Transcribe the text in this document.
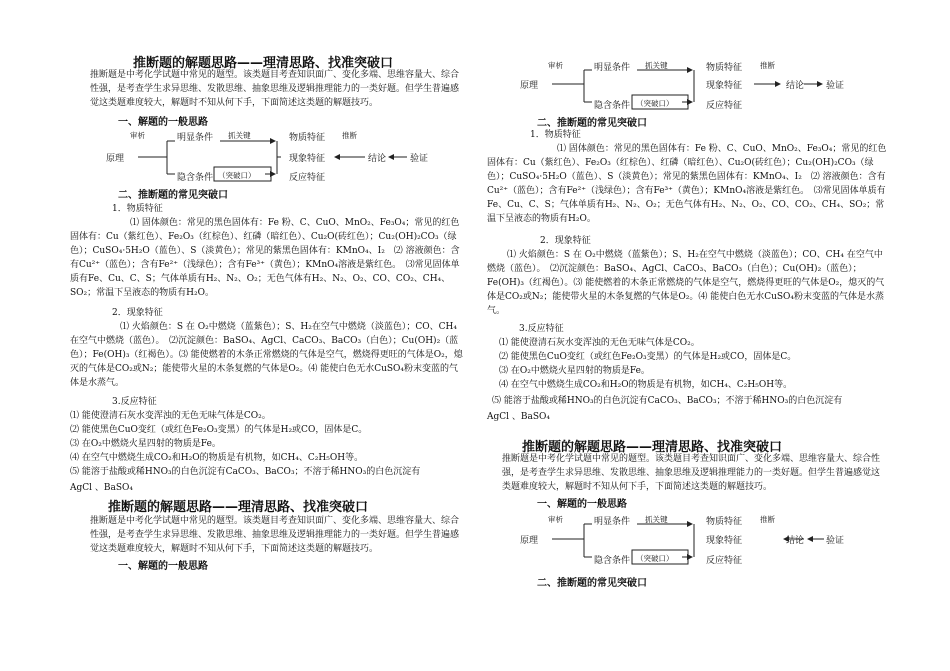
推断题的解题思路——理清思路、找准突破口
推断题是中考化学试题中常见的题型。该类题目考查知识面广、变化多端、思维容量大、综合性强，是考查学生求异思维、发散思维、抽象思维及逻辑推理能力的一类好题。但学生普遍感觉这类题难度较大，解题时不知从何下手，下面简述这类题的解题技巧。
一、解题的一般思路
审析	明显条件 抓关键	物质特征 推断
原理	现象特征	结论	验证
隐含条件 （突破口）	反应特征
二、推断题的常见突破口
1．物质特征
⑴ 固体颜色：常见的黑色固体有：Fe 粉、C、CuO、MnO₂、Fe₃O₄；常见的红色固体有：Cu（紫红色）、Fe₂O₃（红棕色）、红磷（暗红色）、Cu₂O(砖红色）；Cu₂(OH)₂CO₃（绿色）；CuSO₄·5H₂O（蓝色）、S（淡黄色）；常见的紫黑色固体有：KMnO₄、I₂　⑵ 溶液颜色：含有Cu²⁺（蓝色）；含有Fe²⁺（浅绿色）；含有Fe³⁺（黄色）；KMnO₄溶液是紫红色。　⑶常见固体单质有Fe、Cu、C、S；气体单质有H₂、N₂、O₂；无色气体有H₂、N₂、O₂、CO、CO₂、CH₄、SO₂；常温下呈液态的物质有H₂O。
2．现象特征
⑴ 火焰颜色：S 在 O₂中燃烧（蓝紫色）；S、H₂在空气中燃烧（淡蓝色）；CO、CH₄ 在空气中燃烧（蓝色）。　⑵沉淀颜色：BaSO₄、AgCl、CaCO₃、BaCO₃（白色）；Cu(OH)₂（蓝色）；Fe(OH)₃（红褐色）。⑶ 能使燃着的木条正常燃烧的气体是空气，燃烧得更旺的气体是O₂，熄灭的气体是CO₂或N₂；能使带火星的木条复燃的气体是O₂。⑷ 能使白色无水CuSO₄粉末变蓝的气体是水蒸气。
3.反应特征
⑴ 能使澄清石灰水变浑浊的无色无味气体是CO₂。
⑵ 能使黑色CuO变红（或红色Fe₂O₃变黑）的气体是H₂或CO，固体是C。
⑶ 在O₂中燃烧火星四射的物质是Fe。
⑷ 在空气中燃烧生成CO₂和H₂O的物质是有机物，如CH₄、C₂H₅OH等。
⑸ 能溶于盐酸或稀HNO₃的白色沉淀有CaCO₃、BaCO₃；不溶于稀HNO₃的白色沉淀有
AgCl 、BaSO₄
推断题的解题思路——理清思路、找准突破口
推断题是中考化学试题中常见的题型。该类题目考查知识面广、变化多端、思维容量大、综合性强，是考查学生求异思维、发散思维、抽象思维及逻辑推理能力的一类好题。但学生普遍感觉这类题难度较大，解题时不知从何下手，下面简述这类题的解题技巧。
一、解题的一般思路
审析	明显条件 抓关键	物质特征 推断
原理	现象特征	结论 验证
隐含条件 （突破口）	反应特征
二、推断题的常见突破口
1．物质特征
⑴ 固体颜色：常见的黑色固体有：Fe 粉、C、CuO、MnO₂、Fe₃O₄；常见的红色固体有：Cu（紫红色）、Fe₂O₃（红棕色）、红磷（暗红色）、Cu₂O(砖红色）；Cu₂(OH)₂CO₃（绿色）；CuSO₄·5H₂O（蓝色）、S（淡黄色）；常见的紫黑色固体有：KMnO₄、I₂　⑵ 溶液颜色：含有Cu²⁺（蓝色）；含有Fe²⁺（浅绿色）；含有Fe³⁺（黄色）；KMnO₄溶液是紫红色。　⑶常见固体单质有Fe、Cu、C、S；气体单质有H₂、N₂、O₂；无色气体有H₂、N₂、O₂、CO、CO₂、CH₄、SO₂；常温下呈液态的物质有H₂O。
2．现象特征
⑴ 火焰颜色：S 在 O₂中燃烧（蓝紫色）；S、H₂在空气中燃烧（淡蓝色）；CO、CH₄ 在空气中燃烧（蓝色）。　⑵沉淀颜色：BaSO₄、AgCl、CaCO₃、BaCO₃（白色）；Cu(OH)₂（蓝色）；Fe(OH)₃（红褐色）。⑶ 能使燃着的木条正常燃烧的气体是空气，燃烧得更旺的气体是O₂，熄灭的气体是CO₂或N₂；能使带火星的木条复燃的气体是O₂。⑷ 能使白色无水CuSO₄粉末变蓝的气体是水蒸气。
3.反应特征
⑴ 能使澄清石灰水变浑浊的无色无味气体是CO₂。
⑵ 能使黑色CuO变红（或红色Fe₂O₃变黑）的气体是H₂或CO，固体是C。
⑶ 在O₂中燃烧火星四射的物质是Fe。
⑷ 在空气中燃烧生成CO₂和H₂O的物质是有机物，如CH₄、C₂H₅OH等。
⑸ 能溶于盐酸或稀HNO₃的白色沉淀有CaCO₃、BaCO₃；不溶于稀HNO₃的白色沉淀有
AgCl 、BaSO₄
推断题的解题思路——理清思路、找准突破口
推断题是中考化学试题中常见的题型。该类题目考查知识面广、变化多端、思维容量大、综合性强，是考查学生求异思维、发散思维、抽象思维及逻辑推理能力的一类好题。但学生普遍感觉这类题难度较大，解题时不知从何下手，下面简述这类题的解题技巧。
一、解题的一般思路
审析	明显条件 抓关键	物质特征 推断
原理	现象特征	结论 验证
隐含条件 （突破口）	反应特征
二、推断题的常见突破口
